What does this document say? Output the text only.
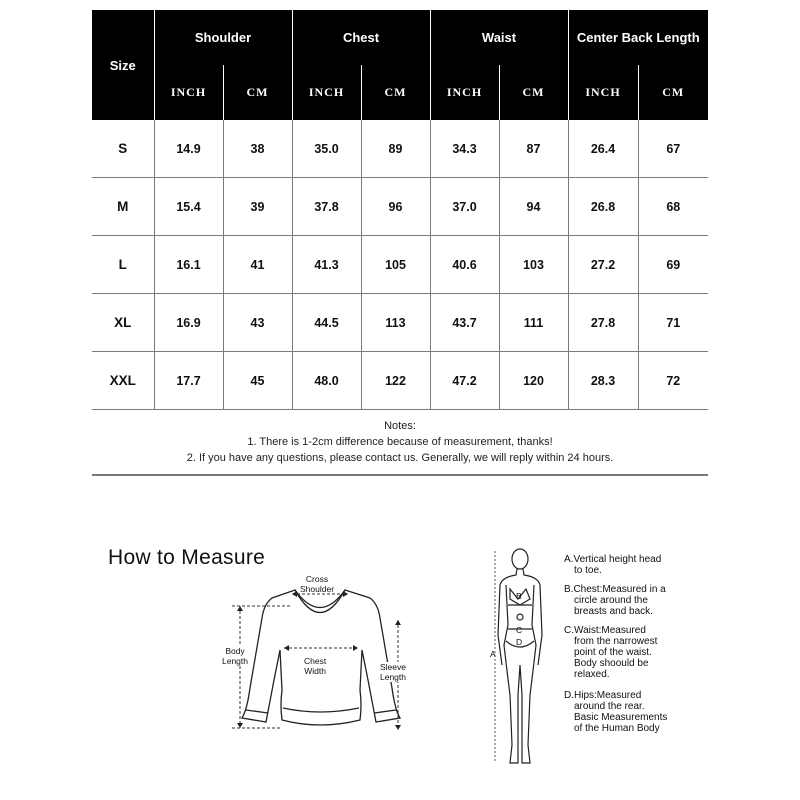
Size	Shoulder		Chest		Waist		Center Back Length	
	INCH	CM	INCH	CM	INCH	CM	INCH	CM
S	14.9	38	35.0	89	34.3	87	26.4	67
M	15.4	39	37.8	96	37.0	94	26.8	68
L	16.1	41	41.3	105	40.6	103	27.2	69
XL	16.9	43	44.5	113	43.7	111	27.8	71
XXL	17.7	45	48.0	122	47.2	120	28.3	72

Notes:
1. There is 1-2cm difference because of measurement, thanks!
2. If you have any questions, please contact us. Generally, we will reply within 24 hours.								
How to Measure
Cross
Shoulder
Body
Length	Chest
Width	Sleeve
Length
A
B
C
D
A.Vertical height head
to toe.
B.Chest:Measured in a
circle around the
breasts and back.
C.Waist:Measured
from the narrowest
point of the waist.
Body shoould be
relaxed.
D.Hips:Measured
around the rear.
Basic Measurements
of the Human Body
